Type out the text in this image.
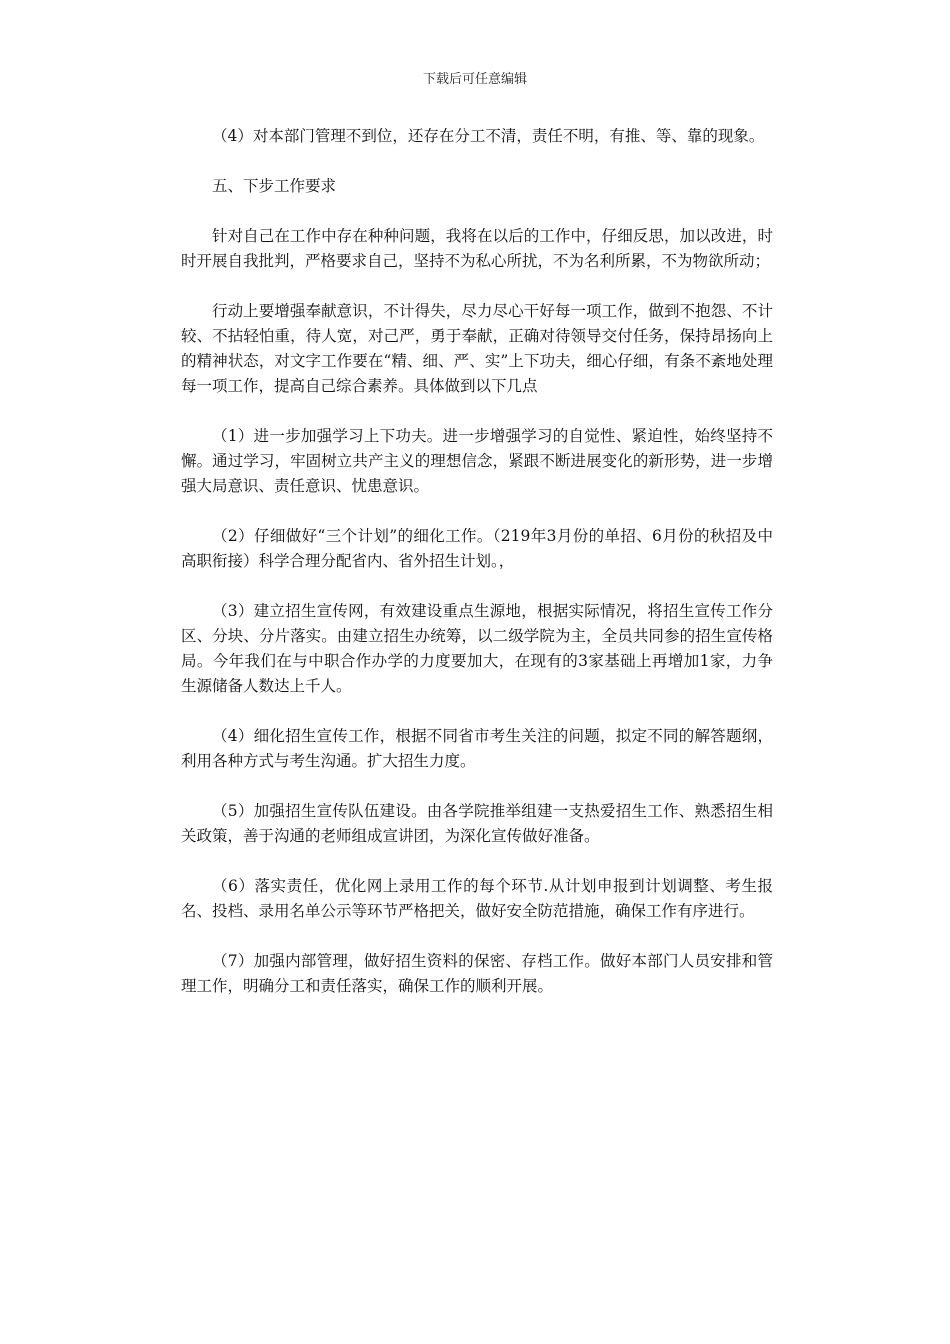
下载后可任意编辑

（4）对本部门管理不到位，还存在分工不清，责任不明，有推、等、靠的现象。

五、下步工作要求

针对自己在工作中存在种种问题，我将在以后的工作中，仔细反思，加以改进，时时开展自我批判，严格要求自己，坚持不为私心所扰，不为名利所累，不为物欲所动；

行动上要增强奉献意识，不计得失，尽力尽心干好每一项工作，做到不抱怨、不计较、不拈轻怕重，待人宽，对己严，勇于奉献，正确对待领导交付任务，保持昂扬向上的精神状态，对文字工作要在“精、细、严、实”上下功夫，细心仔细，有条不紊地处理每一项工作，提高自己综合素养。具体做到以下几点

（1）进一步加强学习上下功夫。进一步增强学习的自觉性、紧迫性，始终坚持不懈。通过学习，牢固树立共产主义的理想信念，紧跟不断进展变化的新形势，进一步增强大局意识、责任意识、忧患意识。

（2）仔细做好“三个计划”的细化工作。（219年3月份的单招、6月份的秋招及中高职衔接）科学合理分配省内、省外招生计划。，

（3）建立招生宣传网，有效建设重点生源地，根据实际情况，将招生宣传工作分区、分块、分片落实。由建立招生办统筹，以二级学院为主，全员共同参的招生宣传格局。今年我们在与中职合作办学的力度要加大，在现有的3家基础上再增加1家，力争生源储备人数达上千人。

（4）细化招生宣传工作，根据不同省市考生关注的问题，拟定不同的解答题纲，利用各种方式与考生沟通。扩大招生力度。

（5）加强招生宣传队伍建设。由各学院推举组建一支热爱招生工作、熟悉招生相关政策，善于沟通的老师组成宣讲团，为深化宣传做好准备。

（6）落实责任，优化网上录用工作的每个环节.从计划申报到计划调整、考生报名、投档、录用名单公示等环节严格把关，做好安全防范措施，确保工作有序进行。

（7）加强内部管理，做好招生资料的保密、存档工作。做好本部门人员安排和管理工作，明确分工和责任落实，确保工作的顺利开展。
